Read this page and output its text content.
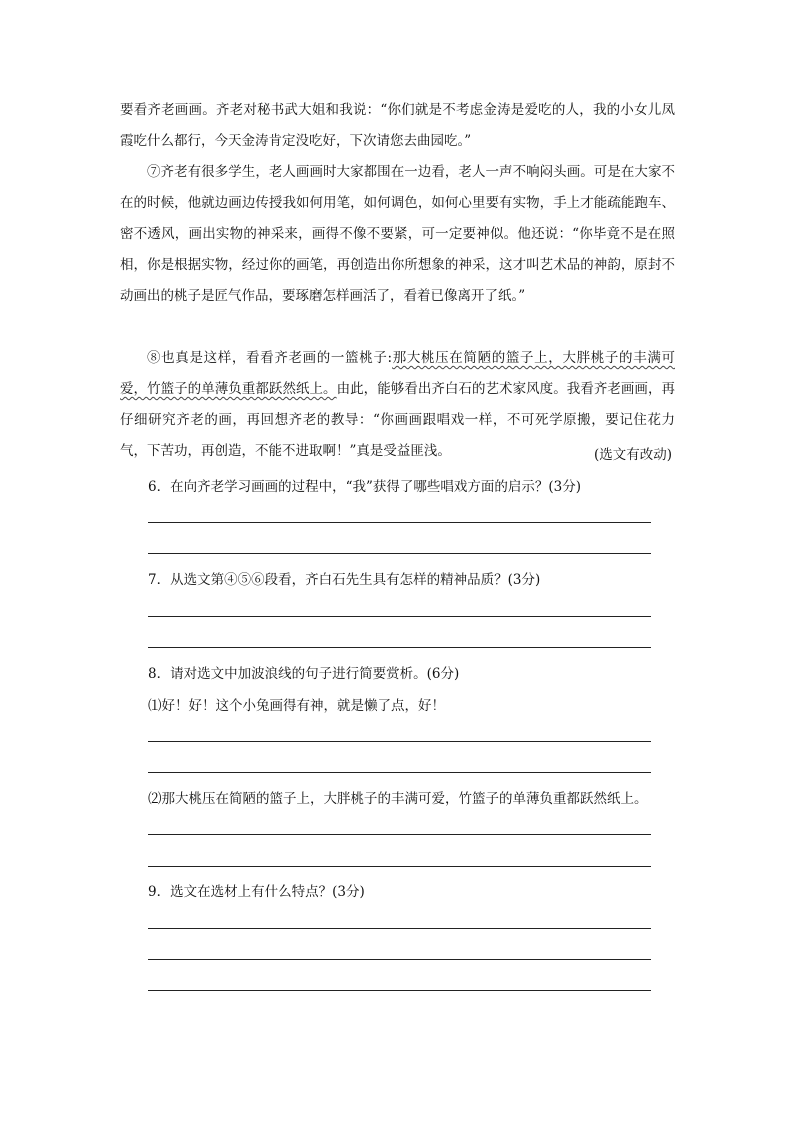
要看齐老画画。齐老对秘书武大姐和我说：“你们就是不考虑金涛是爱吃的人，我的小女儿凤霞吃什么都行，今天金涛肯定没吃好，下次请您去曲园吃。”

⑦齐老有很多学生，老人画画时大家都围在一边看，老人一声不响闷头画。可是在大家不在的时候，他就边画边传授我如何用笔，如何调色，如何心里要有实物，手上才能疏能跑车、密不透风，画出实物的神采来，画得不像不要紧，可一定要神似。他还说：“你毕竟不是在照相，你是根据实物，经过你的画笔，再创造出你所想象的神采，这才叫艺术品的神韵，原封不动画出的桃子是匠气作品，要琢磨怎样画活了，看着已像离开了纸。”

⑧也真是这样，看看齐老画的一篮桃子:那大桃压在简陋的篮子上，大胖桃子的丰满可爱，竹篮子的单薄负重都跃然纸上。由此，能够看出齐白石的艺术家风度。我看齐老画画，再仔细研究齐老的画，再回想齐老的教导：“你画画跟唱戏一样，不可死学原搬，要记住花力气，下苦功，再创造，不能不进取啊！”真是受益匪浅。	(选文有改动)

6．在向齐老学习画画的过程中，“我”获得了哪些唱戏方面的启示？(3分)

7．从选文第④⑤⑥段看，齐白石先生具有怎样的精神品质？(3分)

8．请对选文中加波浪线的句子进行简要赏析。(6分)

⑴好！好！这个小兔画得有神，就是懒了点，好！

⑵那大桃压在简陋的篮子上，大胖桃子的丰满可爱，竹篮子的单薄负重都跃然纸上。

9．选文在选材上有什么特点？(3分)
